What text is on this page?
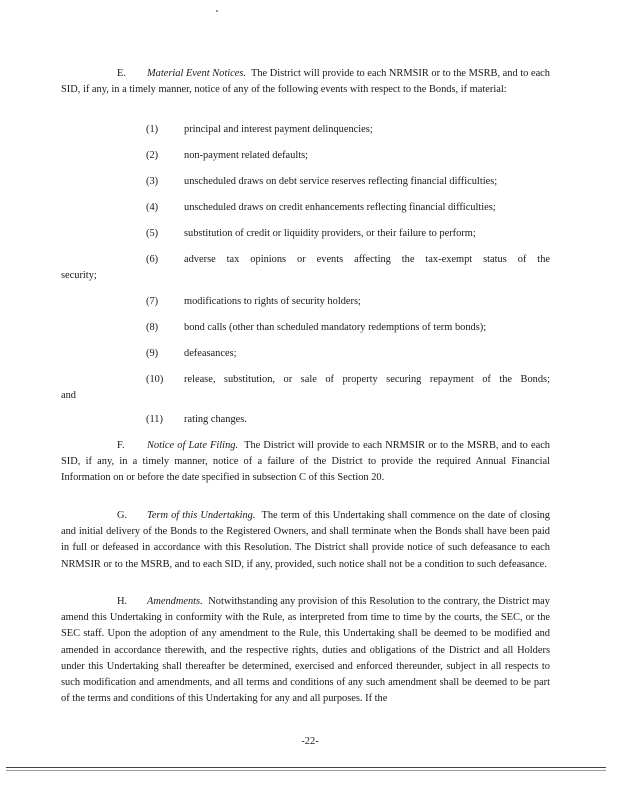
E. Material Event Notices. The District will provide to each NRMSIR or to the MSRB, and to each SID, if any, in a timely manner, notice of any of the following events with respect to the Bonds, if material:

(1)	principal and interest payment delinquencies;
(2)	non-payment related defaults;
(3)	unscheduled draws on debt service reserves reflecting financial difficulties;
(4)	unscheduled draws on credit enhancements reflecting financial difficulties;
(5)	substitution of credit or liquidity providers, or their failure to perform;
(6) adverse tax opinions or events affecting the tax-exempt status of the
security;
(7)	modifications to rights of security holders;
(8)	bond calls (other than scheduled mandatory redemptions of term bonds);
(9)	defeasances;
(10) release, substitution, or sale of property securing repayment of the Bonds;
and
(11)	rating changes.

F. Notice of Late Filing. The District will provide to each NRMSIR or to the MSRB, and to each SID, if any, in a timely manner, notice of a failure of the District to provide the required Annual Financial Information on or before the date specified in subsection C of this Section 20.

G. Term of this Undertaking. The term of this Undertaking shall commence on the date of closing and initial delivery of the Bonds to the Registered Owners, and shall terminate when the Bonds shall have been paid in full or defeased in accordance with this Resolution. The District shall provide notice of such defeasance to each NRMSIR or to the MSRB, and to each SID, if any, provided, such notice shall not be a condition to such defeasance.

H. Amendments. Notwithstanding any provision of this Resolution to the contrary, the District may amend this Undertaking in conformity with the Rule, as interpreted from time to time by the courts, the SEC, or the SEC staff. Upon the adoption of any amendment to the Rule, this Undertaking shall be deemed to be modified and amended in accordance therewith, and the respective rights, duties and obligations of the District and all Holders under this Undertaking shall thereafter be determined, exercised and enforced thereunder, subject in all respects to such modification and amendments, and all terms and conditions of any such amendment shall be deemed to be part of the terms and conditions of this Undertaking for any and all purposes. If the

-22-
